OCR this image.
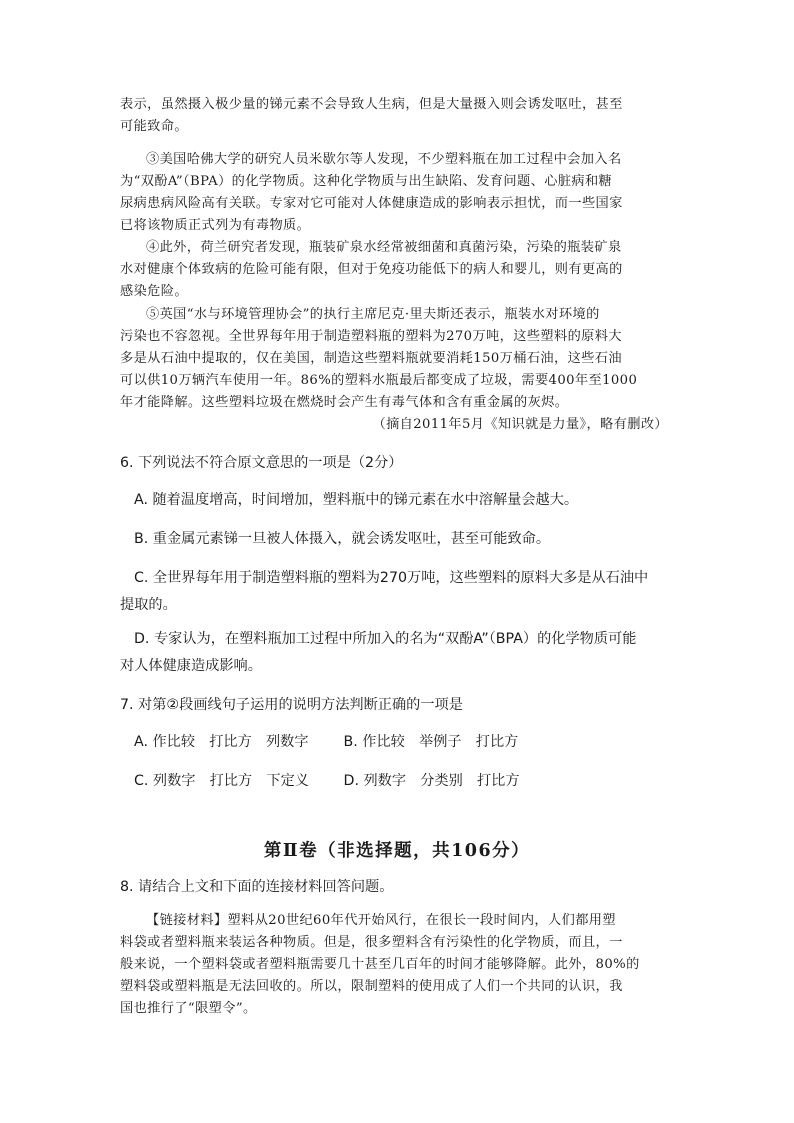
表示，虽然摄入极少量的锑元素不会导致人生病，但是大量摄入则会诱发呕吐，甚至
可能致命。
③美国哈佛大学的研究人员米歇尔等人发现，不少塑料瓶在加工过程中会加入名
为“双酚A”（BPA）的化学物质。这种化学物质与出生缺陷、发育问题、心脏病和糖
尿病患病风险高有关联。专家对它可能对人体健康造成的影响表示担忧，而一些国家
已将该物质正式列为有毒物质。
④此外，荷兰研究者发现，瓶装矿泉水经常被细菌和真菌污染，污染的瓶装矿泉
水对健康个体致病的危险可能有限，但对于免疫功能低下的病人和婴儿，则有更高的
感染危险。
⑤英国“水与环境管理协会”的执行主席尼克·里夫斯还表示，瓶装水对环境的
污染也不容忽视。全世界每年用于制造塑料瓶的塑料为270万吨，这些塑料的原料大
多是从石油中提取的，仅在美国，制造这些塑料瓶就要消耗150万桶石油，这些石油
可以供10万辆汽车使用一年。86%的塑料水瓶最后都变成了垃圾，需要400年至1000
年才能降解。这些塑料垃圾在燃烧时会产生有毒气体和含有重金属的灰烬。
（摘自2011年5月《知识就是力量》，略有删改）
6. 下列说法不符合原文意思的一项是（2分）
A. 随着温度增高，时间增加，塑料瓶中的锑元素在水中溶解量会越大。
B. 重金属元素锑一旦被人体摄入，就会诱发呕吐，甚至可能致命。
C. 全世界每年用于制造塑料瓶的塑料为270万吨，这些塑料的原料大多是从石油中
提取的。
D. 专家认为，在塑料瓶加工过程中所加入的名为“双酚A”（BPA）的化学物质可能
对人体健康造成影响。
7. 对第②段画线句子运用的说明方法判断正确的一项是
A. 作比较　打比方　列数字 B. 作比较　举例子　打比方
C. 列数字　打比方　下定义 D. 列数字　分类别　打比方
第Ⅱ卷（非选择题，共106分）
8. 请结合上文和下面的连接材料回答问题。
【链接材料】塑料从20世纪60年代开始风行，在很长一段时间内，人们都用塑
料袋或者塑料瓶来装运各种物质。但是，很多塑料含有污染性的化学物质，而且，一
般来说，一个塑料袋或者塑料瓶需要几十甚至几百年的时间才能够降解。此外，80%的
塑料袋或塑料瓶是无法回收的。所以，限制塑料的使用成了人们一个共同的认识，我
国也推行了“限塑令”。
